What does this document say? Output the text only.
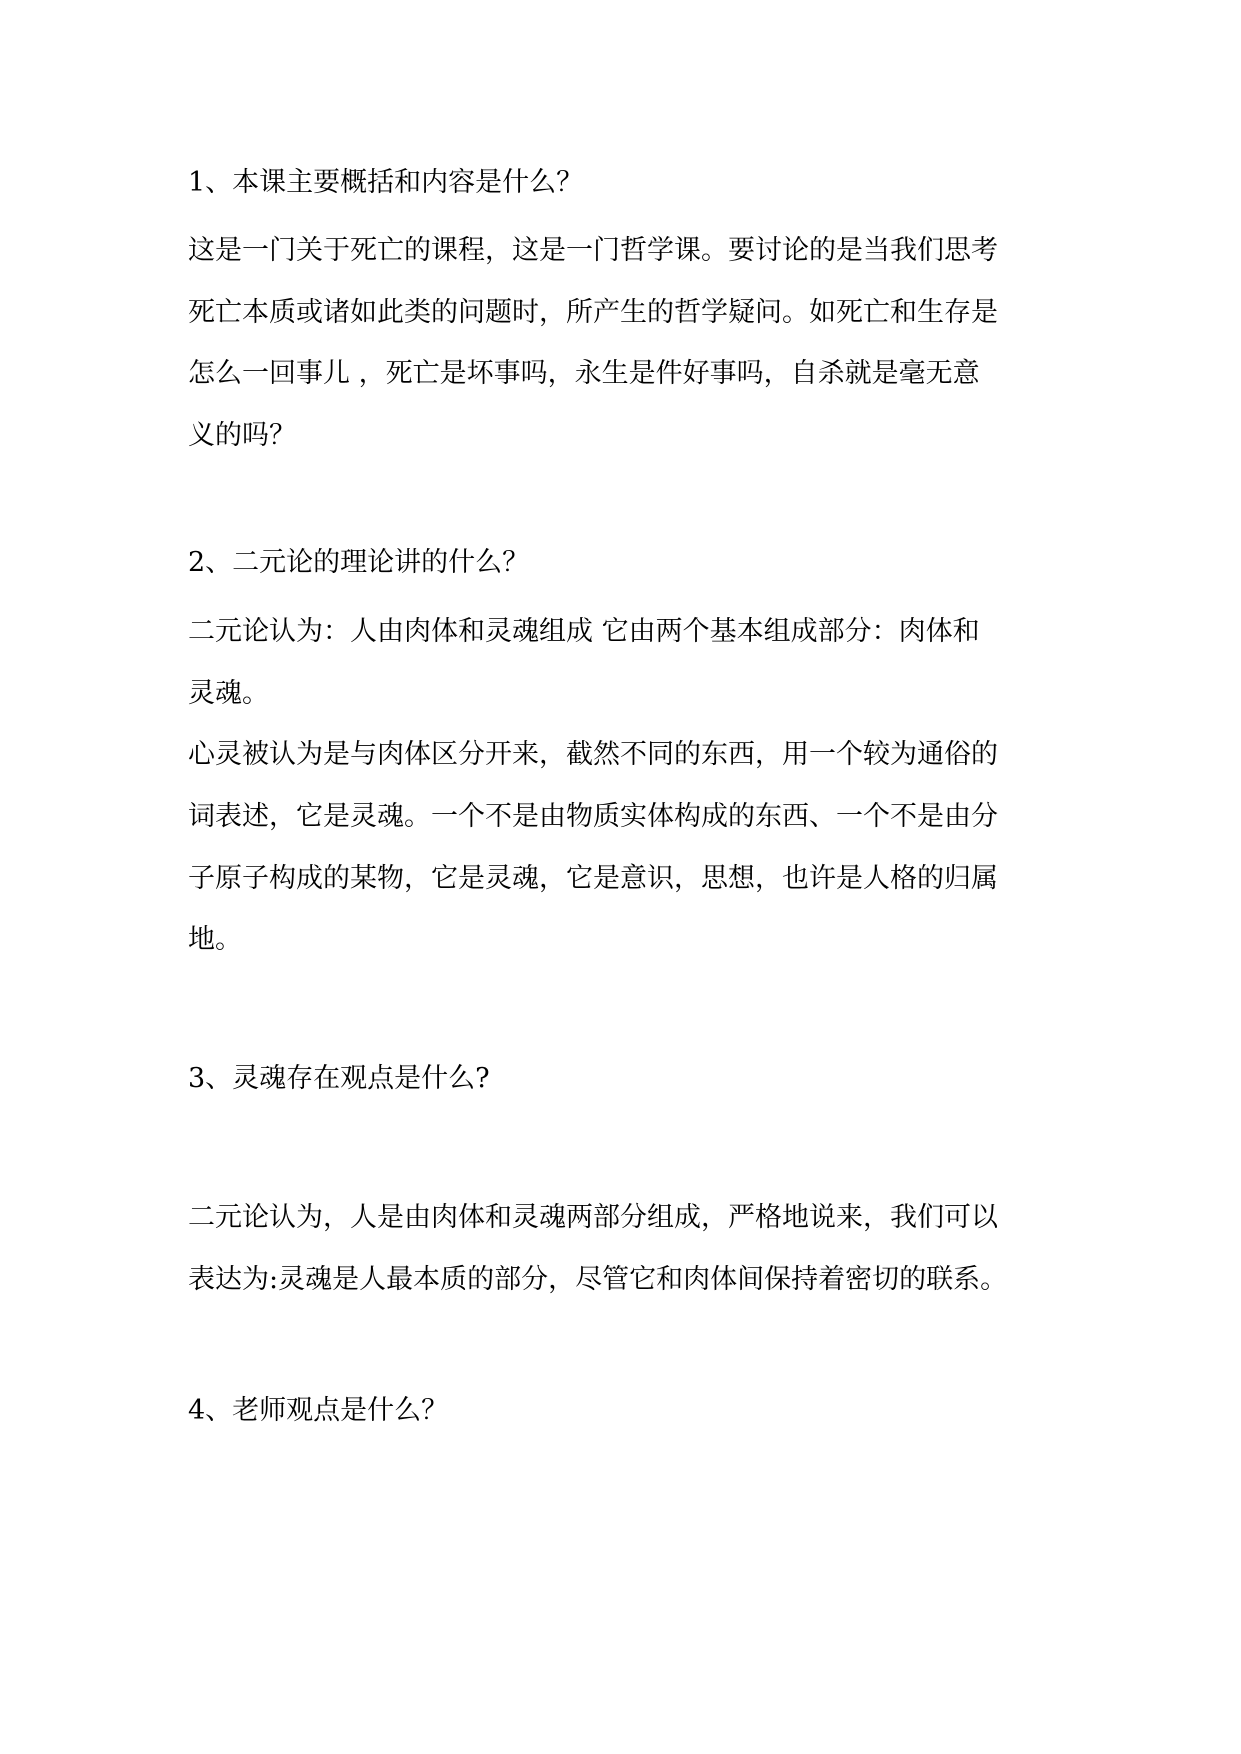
1、本课主要概括和内容是什么？
这是一门关于死亡的课程，这是一门哲学课。要讨论的是当我们思考
死亡本质或诸如此类的问题时，所产生的哲学疑问。如死亡和生存是
怎么一回事儿 ，死亡是坏事吗，永生是件好事吗，自杀就是毫无意
义的吗？
2、二元论的理论讲的什么？
二元论认为：人由肉体和灵魂组成 它由两个基本组成部分：肉体和
灵魂。
心灵被认为是与肉体区分开来，截然不同的东西，用一个较为通俗的
词表述，它是灵魂。一个不是由物质实体构成的东西、一个不是由分
子原子构成的某物，它是灵魂，它是意识，思想，也许是人格的归属
地。
3、灵魂存在观点是什么?
二元论认为，人是由肉体和灵魂两部分组成，严格地说来，我们可以
表达为:灵魂是人最本质的部分，尽管它和肉体间保持着密切的联系。
4、老师观点是什么？
